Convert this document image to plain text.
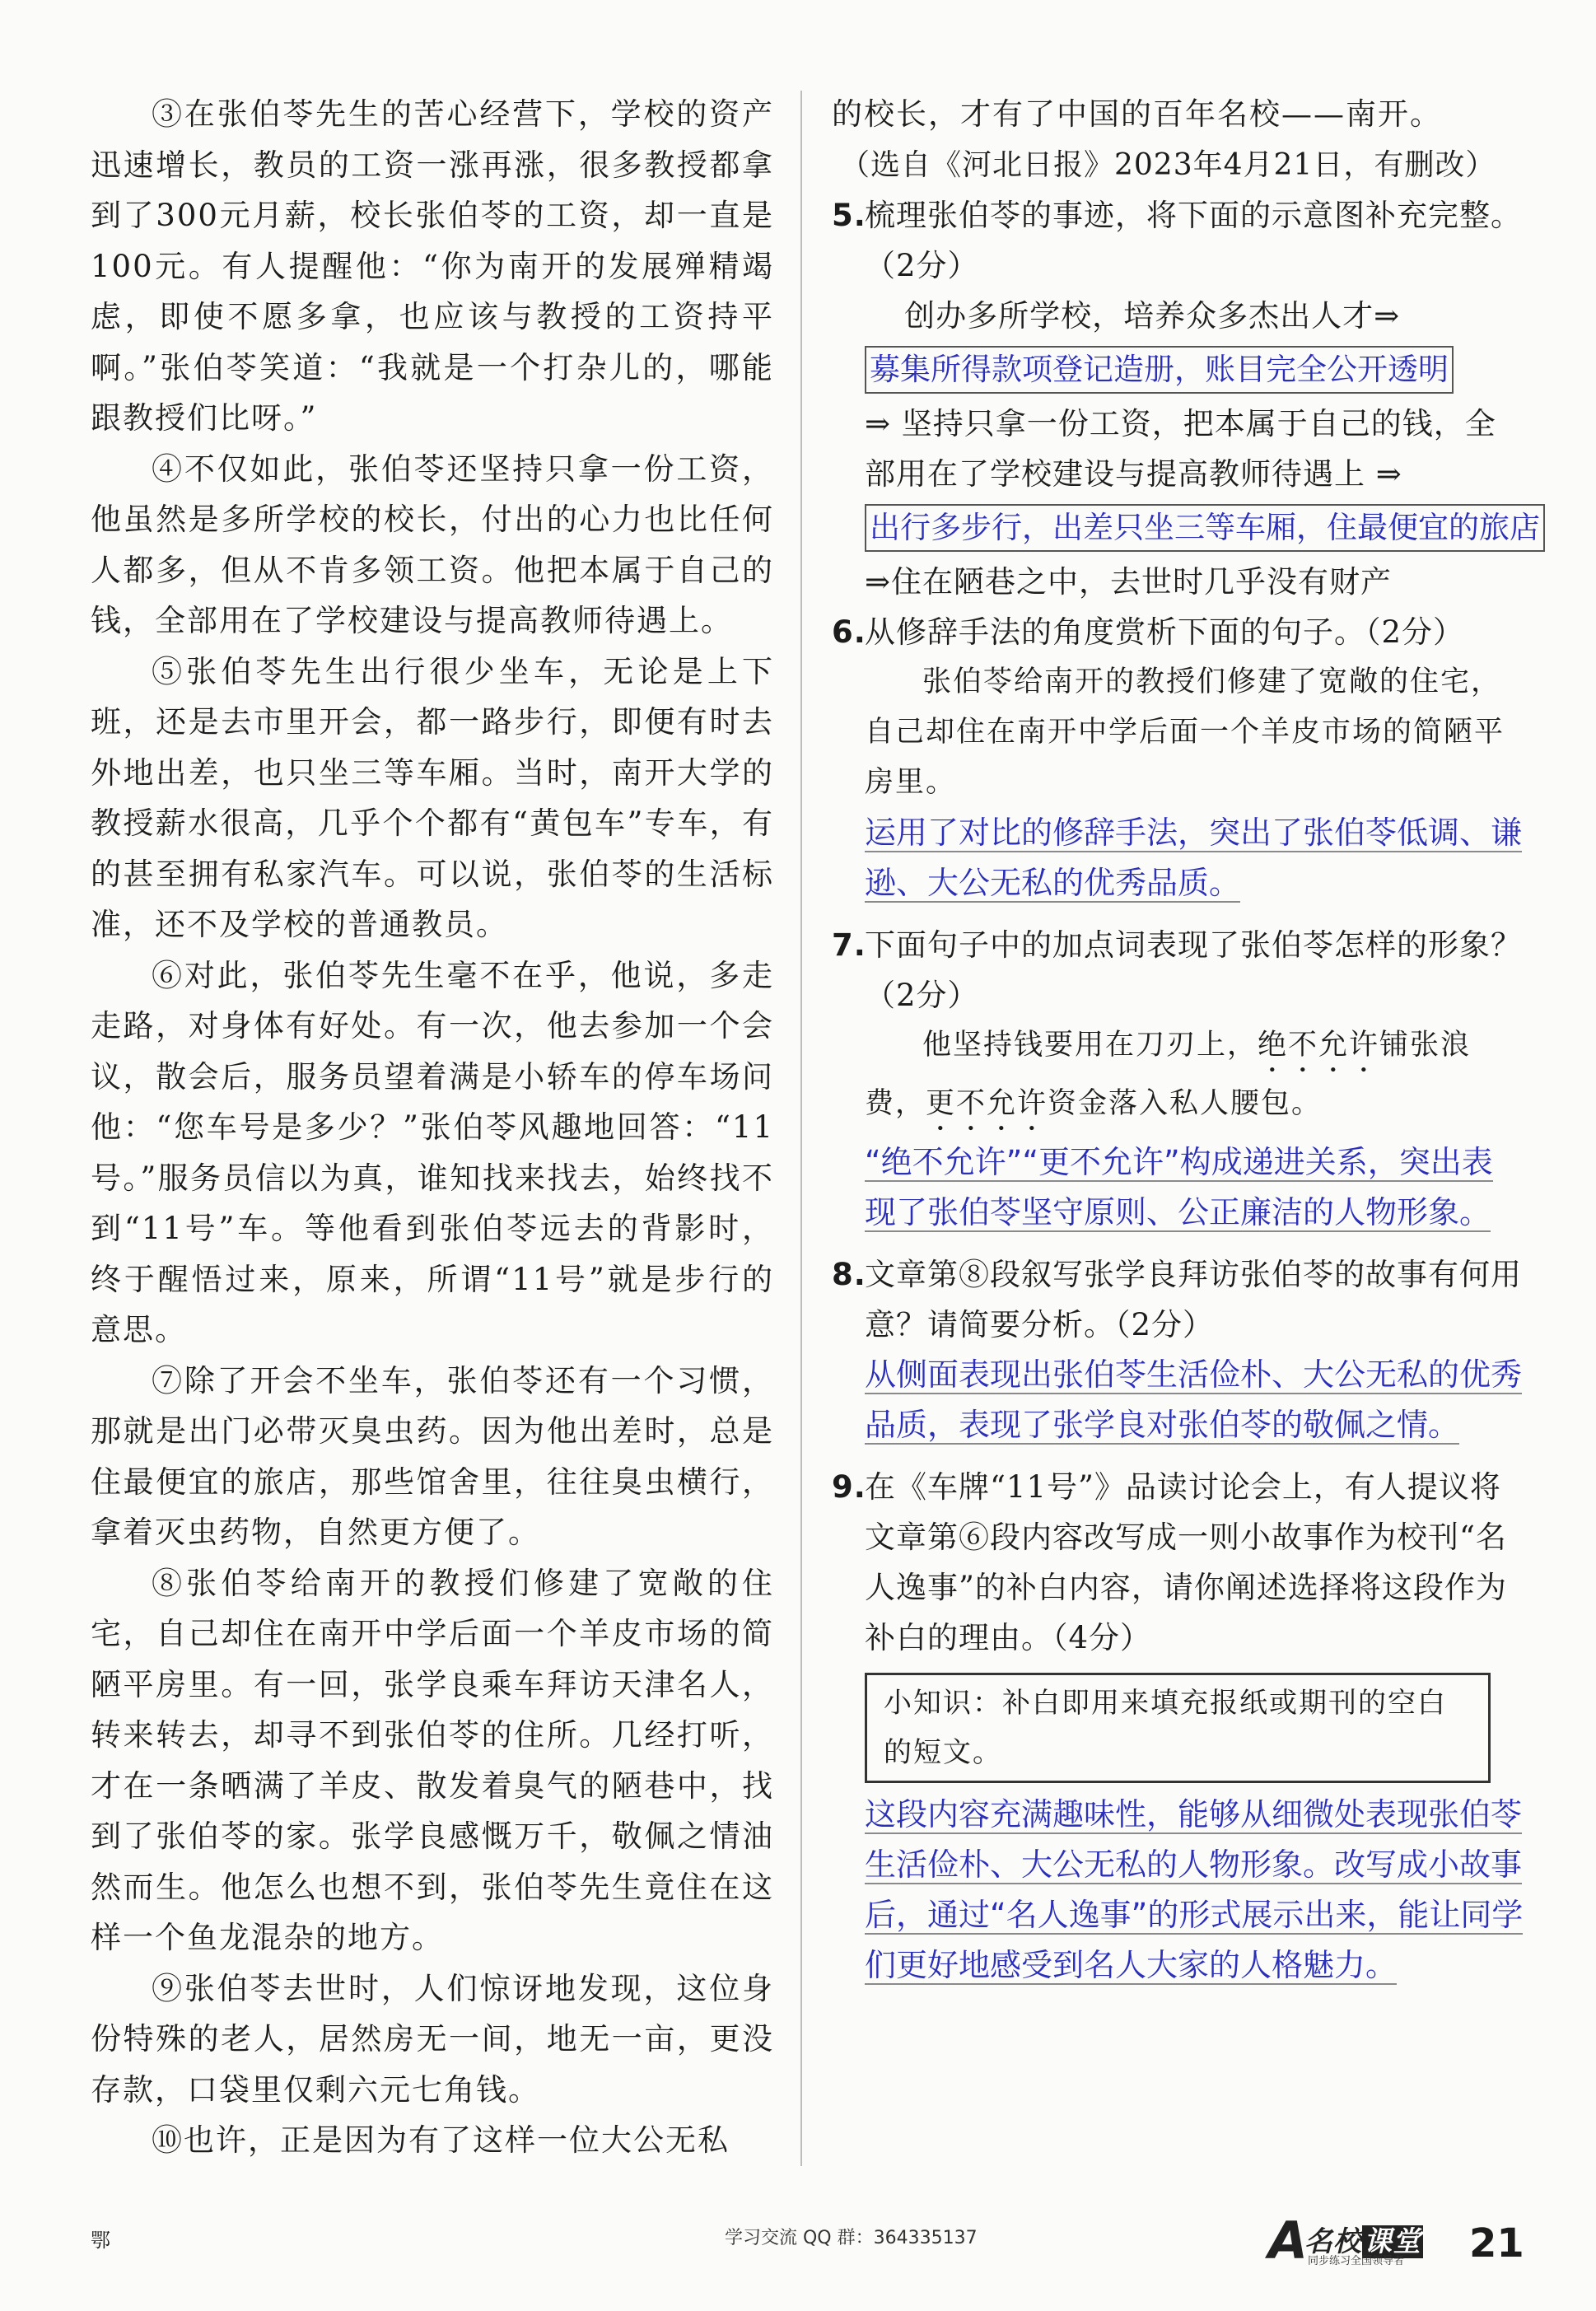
③在张伯苓先生的苦心经营下，学校的资产迅速增长，教员的工资一涨再涨，很多教授都拿到了300元月薪，校长张伯苓的工资，却一直是100元。有人提醒他：“你为南开的发展殚精竭虑，即使不愿多拿，也应该与教授的工资持平啊。”张伯苓笑道：“我就是一个打杂儿的，哪能跟教授们比呀。”

④不仅如此，张伯苓还坚持只拿一份工资，他虽然是多所学校的校长，付出的心力也比任何人都多，但从不肯多领工资。他把本属于自己的钱，全部用在了学校建设与提高教师待遇上。

⑤张伯苓先生出行很少坐车，无论是上下班，还是去市里开会，都一路步行，即便有时去外地出差，也只坐三等车厢。当时，南开大学的教授薪水很高，几乎个个都有“黄包车”专车，有的甚至拥有私家汽车。可以说，张伯苓的生活标准，还不及学校的普通教员。

⑥对此，张伯苓先生毫不在乎，他说，多走走路，对身体有好处。有一次，他去参加一个会议，散会后，服务员望着满是小轿车的停车场问他：“您车号是多少？”张伯苓风趣地回答：“11号。”服务员信以为真，谁知找来找去，始终找不到“11号”车。等他看到张伯苓远去的背影时，终于醒悟过来，原来，所谓“11号”就是步行的意思。

⑦除了开会不坐车，张伯苓还有一个习惯，那就是出门必带灭臭虫药。因为他出差时，总是住最便宜的旅店，那些馆舍里，往往臭虫横行，拿着灭虫药物，自然更方便了。

⑧张伯苓给南开的教授们修建了宽敞的住宅，自己却住在南开中学后面一个羊皮市场的简陋平房里。有一回，张学良乘车拜访天津名人，转来转去，却寻不到张伯苓的住所。几经打听，才在一条晒满了羊皮、散发着臭气的陋巷中，找到了张伯苓的家。张学良感慨万千，敬佩之情油然而生。他怎么也想不到，张伯苓先生竟住在这样一个鱼龙混杂的地方。

⑨张伯苓去世时，人们惊讶地发现，这位身份特殊的老人，居然房无一间，地无一亩，更没存款，口袋里仅剩六元七角钱。

⑩也许，正是因为有了这样一位大公无私

的校长，才有了中国的百年名校——南开。

（选自《河北日报》2023年4月21日，有删改）

5.
梳理张伯苓的事迹，将下面的示意图补充完整。（2分）

创办多所学校，培养众多杰出人才⇒

募集所得款项登记造册，账目完全公开透明

⇒ 坚持只拿一份工资，把本属于自己的钱，全部用在了学校建设与提高教师待遇上 ⇒

出行多步行，出差只坐三等车厢，住最便宜的旅店

⇒住在陋巷之中，去世时几乎没有财产

6.
从修辞手法的角度赏析下面的句子。（2分）

张伯苓给南开的教授们修建了宽敞的住宅，自己却住在南开中学后面一个羊皮市场的简陋平房里。

运用了对比的修辞手法，突出了张伯苓低调、谦逊、大公无私的优秀品质。

7.
下面句子中的加点词表现了张伯苓怎样的形象？（2分）

他坚持钱要用在刀刃上，绝不允许铺张浪费，更不允许资金落入私人腰包。

“绝不允许”“更不允许”构成递进关系，突出表现了张伯苓坚守原则、公正廉洁的人物形象。

8.
文章第⑧段叙写张学良拜访张伯苓的故事有何用意？请简要分析。（2分）

从侧面表现出张伯苓生活俭朴、大公无私的优秀品质，表现了张学良对张伯苓的敬佩之情。

9.
在《车牌“11号”》品读讨论会上，有人提议将文章第⑥段内容改写成一则小故事作为校刊“名人逸事”的补白内容，请你阐述选择将这段作为补白的理由。（4分）

小知识：补白即用来填充报纸或期刊的空白的短文。

这段内容充满趣味性，能够从细微处表现张伯苓生活俭朴、大公无私的人物形象。改写成小故事后，通过“名人逸事”的形式展示出来，能让同学们更好地感受到名人大家的人格魅力。

鄂	学习交流 QQ 群：364335137	A
名校课堂
同步练习全国领导者 21
